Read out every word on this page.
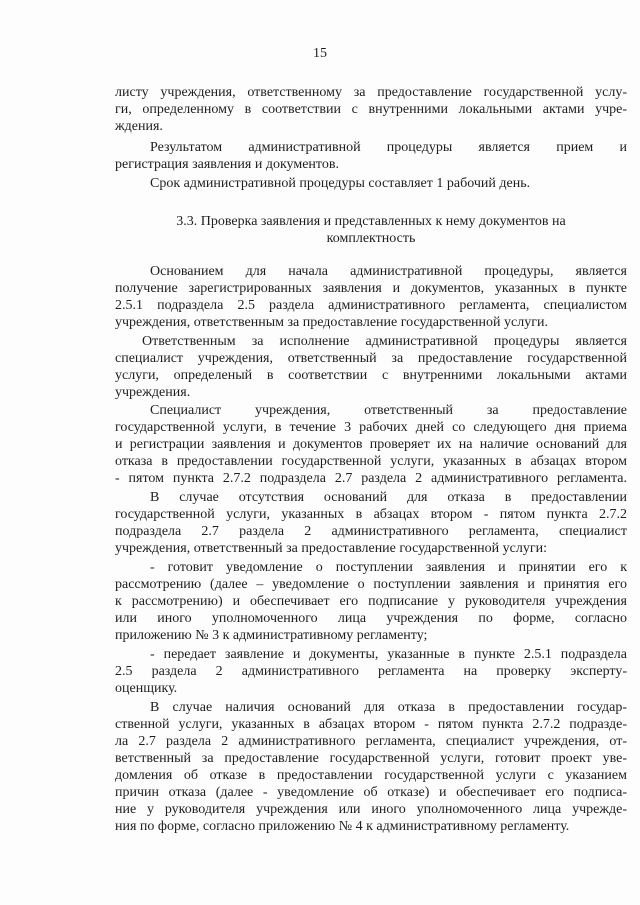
15
листу учреждения, ответственному за предоставление государственной услу-
ги, определенному в соответствии с внутренними локальными актами учре-
ждения.
Результатом административной процедуры является прием и
регистрация заявления и документов.
Срок административной процедуры составляет 1 рабочий день.
3.3. Проверка заявления и представленных к нему документов на
комплектность
Основанием для начала административной процедуры, является
получение зарегистрированных заявления и документов, указанных в пункте
2.5.1 подраздела 2.5 раздела административного регламента, специалистом
учреждения, ответственным за предоставление государственной услуги.
Ответственным за исполнение административной процедуры является
специалист учреждения, ответственный за предоставление государственной
услуги, определеный в соответствии с внутренними локальными актами
учреждения.
Специалист учреждения, ответственный за предоставление
государственной услуги, в течение 3 рабочих дней со следующего дня приема
и регистрации заявления и документов проверяет их на наличие оснований для
отказа в предоставлении государственной услуги, указанных в абзацах втором
- пятом пункта 2.7.2 подраздела 2.7 раздела 2 административного регламента.
В случае отсутствия оснований для отказа в предоставлении
государственной услуги, указанных в абзацах втором - пятом пункта 2.7.2
подраздела 2.7 раздела 2 административного регламента, специалист
учреждения, ответственный за предоставление государственной услуги:
- готовит уведомление о поступлении заявления и принятии его к
рассмотрению (далее – уведомление о поступлении заявления и принятия его
к рассмотрению) и обеспечивает его подписание у руководителя учреждения
или иного уполномоченного лица учреждения по форме, согласно
приложению № 3 к административному регламенту;
- передает заявление и документы, указанные в пункте 2.5.1 подраздела
2.5 раздела 2 административного регламента на проверку эксперту-
оценщику.
В случае наличия оснований для отказа в предоставлении государ-
ственной услуги, указанных в абзацах втором - пятом пункта 2.7.2 подразде-
ла 2.7 раздела 2 административного регламента, специалист учреждения, от-
ветственный за предоставление государственной услуги, готовит проект уве-
домления об отказе в предоставлении государственной услуги с указанием
причин отказа (далее - уведомление об отказе) и обеспечивает его подписа-
ние у руководителя учреждения или иного уполномоченного лица учрежде-
ния по форме, согласно приложению № 4 к административному регламенту.
